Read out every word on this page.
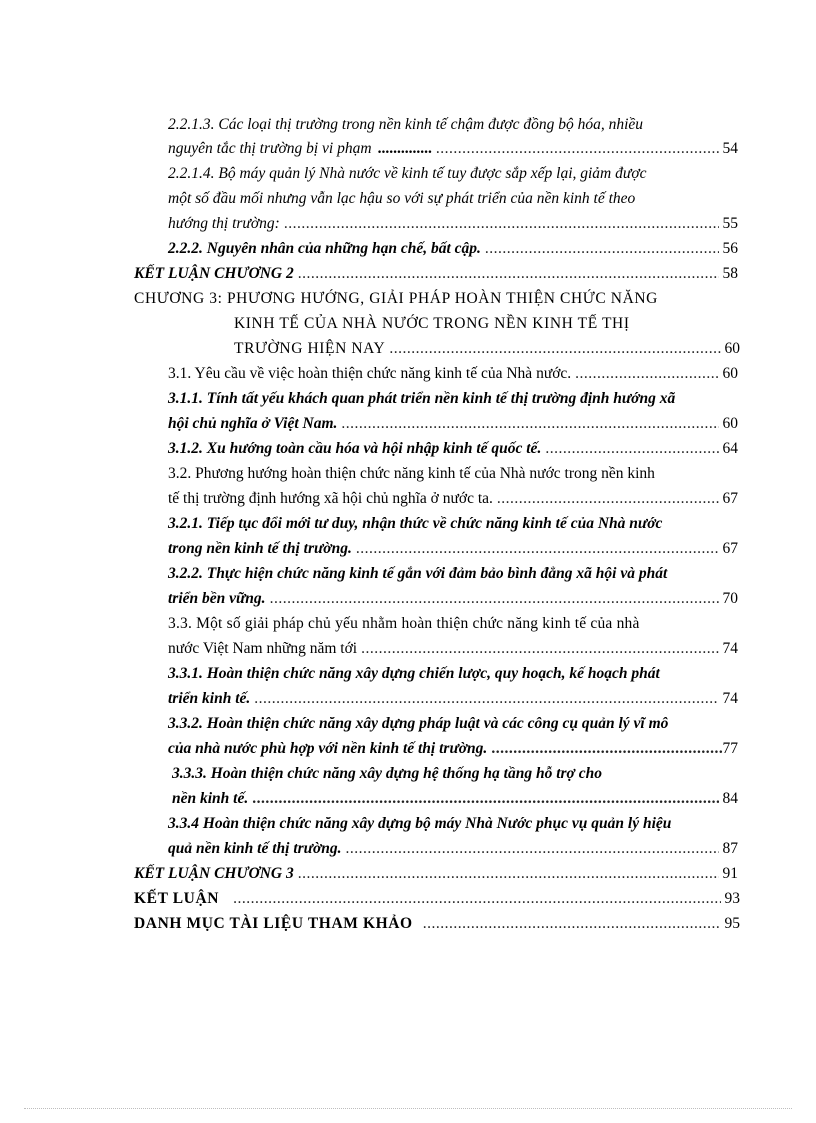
2.2.1.3. Các loại thị trường trong nền kinh tế chậm được đồng bộ hóa, nhiều
nguyên tắc thị trường bị vi phạm .............. .....	54
2.2.1.4. Bộ máy quản lý Nhà nước về kinh tế tuy được sắp xếp lại, giảm được
một số đầu mối nhưng vẫn lạc hậu so với sự phát triển của nền kinh tế theo
hướng thị trường: .....	55
2.2.2. Nguyên nhân của những hạn chế, bất cập. .....	56
KẾT LUẬN CHƯƠNG 2 .....	58
CHƯƠNG 3: PHƯƠNG HƯỚNG, GIẢI PHÁP HOÀN THIỆN CHỨC NĂNG
KINH TẾ CỦA NHÀ NƯỚC TRONG NỀN KINH TẾ THỊ
TRƯỜNG HIỆN NAY .....	60
3.1. Yêu cầu về việc hoàn thiện chức năng kinh tế của Nhà nước. .....	60
3.1.1. Tính tất yếu khách quan phát triển nền kinh tế thị trường định hướng xã
hội chủ nghĩa ở Việt Nam. .....	60
3.1.2. Xu hướng toàn cầu hóa và hội nhập kinh tế quốc tế. .....	64
3.2. Phương hướng hoàn thiện chức năng kinh tế của Nhà nước trong nền kinh
tế thị trường định hướng xã hội chủ nghĩa ở nước ta. .....	67
3.2.1. Tiếp tục đổi mới tư duy, nhận thức về chức năng kinh tế của Nhà nước
trong nền kinh tế thị trường. .....	67
3.2.2. Thực hiện chức năng kinh tế gắn với đảm bảo bình đẳng xã hội và phát
triển bền vững. .....	70
3.3. Một số giải pháp chủ yếu nhằm hoàn thiện chức năng kinh tế của nhà
nước Việt Nam những năm tới .....	74
3.3.1. Hoàn thiện chức năng xây dựng chiến lược, quy hoạch, kế hoạch phát
triển kinh tế. .....	74
3.3.2. Hoàn thiện chức năng xây dựng pháp luật và các công cụ quản lý vĩ mô
của nhà nước phù hợp với nền kinh tế thị trường. .....	77
3.3.3. Hoàn thiện chức năng xây dựng hệ thống hạ tầng hỗ trợ cho
nền kinh tế. .....	84
3.3.4 Hoàn thiện chức năng xây dựng bộ máy Nhà Nước phục vụ quản lý hiệu
quả nền kinh tế thị trường. .....	87
KẾT LUẬN CHƯƠNG 3 .....	91
KẾT LUẬN .....	93
DANH MỤC TÀI LIỆU THAM KHẢO .....	95
